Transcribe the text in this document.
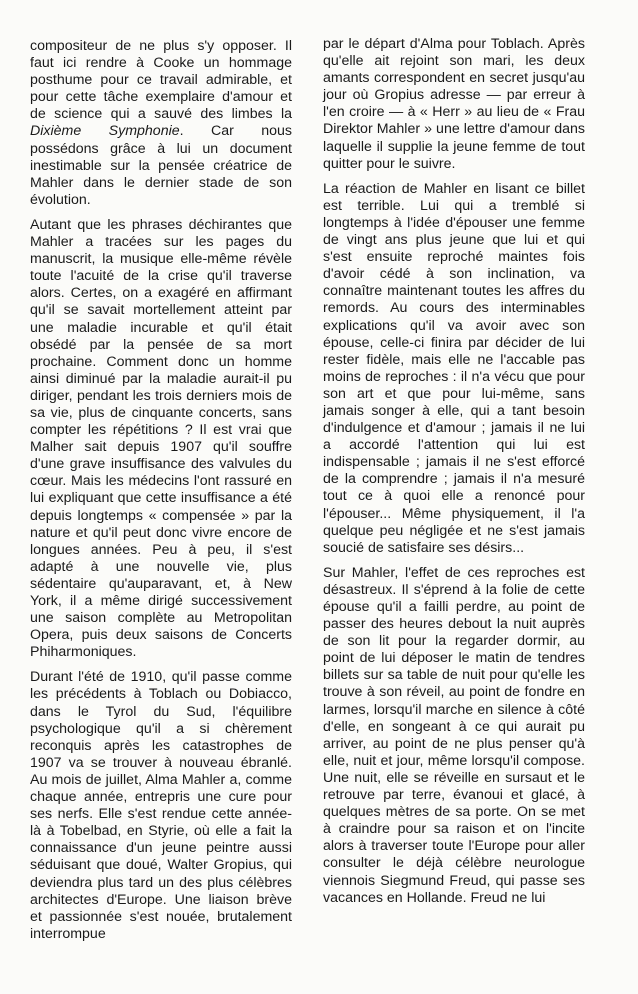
compositeur de ne plus s'y opposer. Il faut ici rendre à Cooke un hommage posthume pour ce travail admirable, et pour cette tâche exemplaire d'amour et de science qui a sauvé des limbes la Dixième Symphonie. Car nous possédons grâce à lui un document inestimable sur la pensée créatrice de Mahler dans le dernier stade de son évolution.

Autant que les phrases déchirantes que Mahler a tracées sur les pages du manuscrit, la musique elle-même révèle toute l'acuité de la crise qu'il traverse alors. Certes, on a exagéré en affirmant qu'il se savait mortellement atteint par une maladie incurable et qu'il était obsédé par la pensée de sa mort prochaine. Comment donc un homme ainsi diminué par la maladie aurait-il pu diriger, pendant les trois derniers mois de sa vie, plus de cinquante concerts, sans compter les répétitions ? Il est vrai que Malher sait depuis 1907 qu'il souffre d'une grave insuffisance des valvules du cœur. Mais les médecins l'ont rassuré en lui expliquant que cette insuffisance a été depuis longtemps « compensée » par la nature et qu'il peut donc vivre encore de longues années. Peu à peu, il s'est adapté à une nouvelle vie, plus sédentaire qu'auparavant, et, à New York, il a même dirigé successivement une saison complète au Metropolitan Opera, puis deux saisons de Concerts Phiharmoniques.

Durant l'été de 1910, qu'il passe comme les précédents à Toblach ou Dobiacco, dans le Tyrol du Sud, l'équilibre psychologique qu'il a si chèrement reconquis après les catastrophes de 1907 va se trouver à nouveau ébranlé. Au mois de juillet, Alma Mahler a, comme chaque année, entrepris une cure pour ses nerfs. Elle s'est rendue cette année-là à Tobelbad, en Styrie, où elle a fait la connaissance d'un jeune peintre aussi séduisant que doué, Walter Gropius, qui deviendra plus tard un des plus célèbres architectes d'Europe. Une liaison brève et passionnée s'est nouée, brutalement interrompue

par le départ d'Alma pour Toblach. Après qu'elle ait rejoint son mari, les deux amants correspondent en secret jusqu'au jour où Gropius adresse — par erreur à l'en croire — à « Herr » au lieu de « Frau Direktor Mahler » une lettre d'amour dans laquelle il supplie la jeune femme de tout quitter pour le suivre.

La réaction de Mahler en lisant ce billet est terrible. Lui qui a tremblé si longtemps à l'idée d'épouser une femme de vingt ans plus jeune que lui et qui s'est ensuite reproché maintes fois d'avoir cédé à son inclination, va connaître maintenant toutes les affres du remords. Au cours des interminables explications qu'il va avoir avec son épouse, celle-ci finira par décider de lui rester fidèle, mais elle ne l'accable pas moins de reproches : il n'a vécu que pour son art et que pour lui-même, sans jamais songer à elle, qui a tant besoin d'indulgence et d'amour ; jamais il ne lui a accordé l'attention qui lui est indispensable ; jamais il ne s'est efforcé de la comprendre ; jamais il n'a mesuré tout ce à quoi elle a renoncé pour l'épouser... Même physiquement, il l'a quelque peu négligée et ne s'est jamais soucié de satisfaire ses désirs...

Sur Mahler, l'effet de ces reproches est désastreux. Il s'éprend à la folie de cette épouse qu'il a failli perdre, au point de passer des heures debout la nuit auprès de son lit pour la regarder dormir, au point de lui déposer le matin de tendres billets sur sa table de nuit pour qu'elle les trouve à son réveil, au point de fondre en larmes, lorsqu'il marche en silence à côté d'elle, en songeant à ce qui aurait pu arriver, au point de ne plus penser qu'à elle, nuit et jour, même lorsqu'il compose. Une nuit, elle se réveille en sursaut et le retrouve par terre, évanoui et glacé, à quelques mètres de sa porte. On se met à craindre pour sa raison et on l'incite alors à traverser toute l'Europe pour aller consulter le déjà célèbre neurologue viennois Siegmund Freud, qui passe ses vacances en Hollande. Freud ne lui
